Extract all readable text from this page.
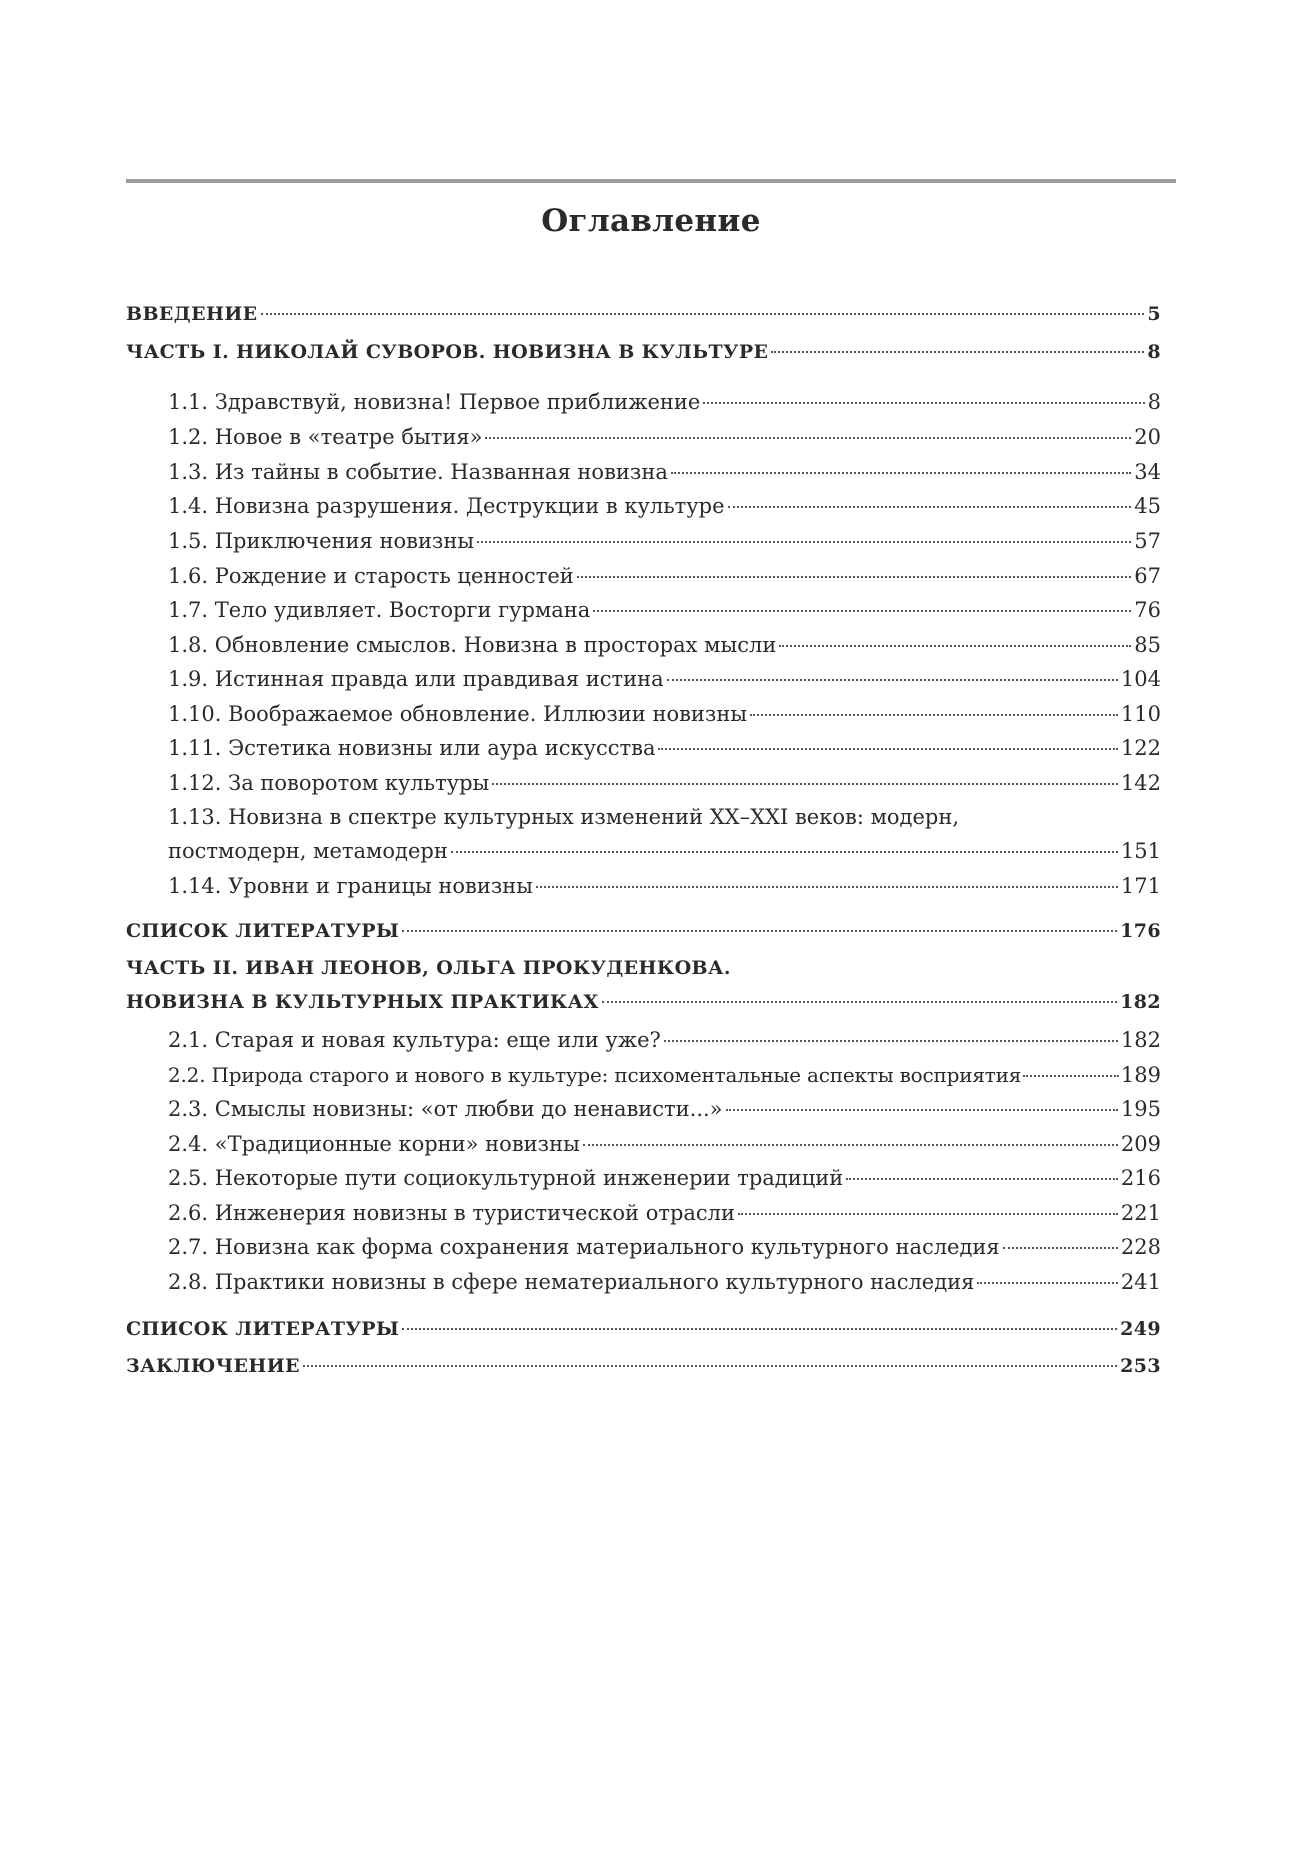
Оглавление
ВВЕДЕНИЕ	5
ЧАСТЬ I. НИКОЛАЙ СУВОРОВ. НОВИЗНА В КУЛЬТУРЕ	8
1.1. Здравствуй, новизна! Первое приближение	8
1.2. Новое в «театре бытия»	20
1.3. Из тайны в событие. Названная новизна	34
1.4. Новизна разрушения. Деструкции в культуре	45
1.5. Приключения новизны	57
1.6. Рождение и старость ценностей	67
1.7. Тело удивляет. Восторги гурмана	76
1.8. Обновление смыслов. Новизна в просторах мысли	85
1.9. Истинная правда или правдивая истина	104
1.10. Воображаемое обновление. Иллюзии новизны	110
1.11. Эстетика новизны или аура искусства	122
1.12. За поворотом культуры	142
1.13. Новизна в спектре культурных изменений XX–XXI веков: модерн,
постмодерн, метамодерн	151
1.14. Уровни и границы новизны	171
СПИСОК ЛИТЕРАТУРЫ	176
ЧАСТЬ II. ИВАН ЛЕОНОВ, ОЛЬГА ПРОКУДЕНКОВА.
НОВИЗНА В КУЛЬТУРНЫХ ПРАКТИКАХ	182
2.1. Старая и новая культура: еще или уже?	182
2.2. Природа старого и нового в культуре: психоментальные аспекты восприятия	189
2.3. Смыслы новизны: «от любви до ненависти...»	195
2.4. «Традиционные корни» новизны	209
2.5. Некоторые пути социокультурной инженерии традиций	216
2.6. Инженерия новизны в туристической отрасли	221
2.7. Новизна как форма сохранения материального культурного наследия	228
2.8. Практики новизны в сфере нематериального культурного наследия	241
СПИСОК ЛИТЕРАТУРЫ	249
ЗАКЛЮЧЕНИЕ	253
